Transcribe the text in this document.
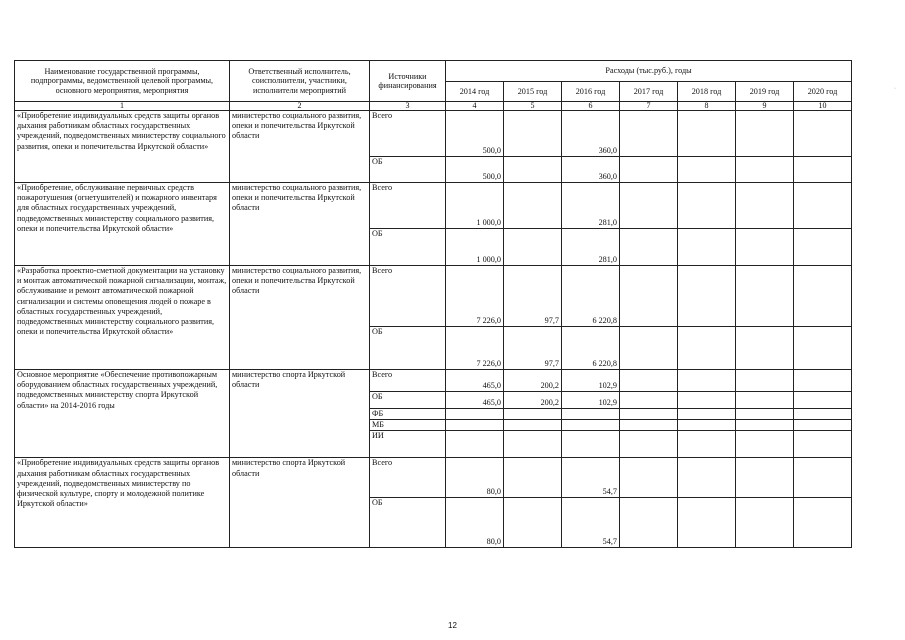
Наименование государственной программы, подпрограммы, ведомственной целевой программы, основного мероприятия, мероприятия	Ответственный исполнитель, соисполнители, участники, исполнители мероприятий	Источники финансирования	Расходы (тыс.руб.), годы						
			2014 год	2015 год	2016 год	2017 год	2018 год	2019 год	2020 год
1	2	3	4	5	6	7	8	9	10
«Приобретение индивидуальных средств защиты органов дыхания работникам областных государственных учреждений, подведомственных министерству социального развития, опеки и попечительства Иркутской области»	министерство социального развития, опеки и попечительства Иркутской области	Всего	500,0		360,0				
		ОБ	500,0		360,0				
«Приобретение, обслуживание первичных средств пожаротушения (огнетушителей) и пожарного инвентаря для областных государственных учреждений, подведомственных министерству социального развития, опеки и попечительства Иркутской области»	министерство социального развития, опеки и попечительства Иркутской области	Всего	1 000,0		281,0				
		ОБ	1 000,0		281,0				
«Разработка проектно-сметной документации на установку и монтаж автоматической пожарной сигнализации, монтаж, обслуживание и ремонт автоматической пожарной сигнализации и системы оповещения людей о пожаре в областных государственных учреждений, подведомственных министерству социального развития, опеки и попечительства Иркутской области»	министерство социального развития, опеки и попечительства Иркутской области	Всего	7 226,0	97,7	6 220,8				
		ОБ	7 226,0	97,7	6 220,8				
Основное мероприятие «Обеспечение противопожарным оборудованием областных государственных учреждений, подведомственных министерству спорта Иркутской области» на 2014-2016 годы	министерство спорта Иркутской области	Всего	465,0	200,2	102,9				
		ОБ	465,0	200,2	102,9				
		ФБ							
		МБ							
		ИИ							
«Приобретение индивидуальных средств защиты органов дыхания работникам областных государственных учреждений, подведомственных министерству по физической культуре, спорту и молодежной политике Иркутской области»	министерство спорта Иркутской области	Всего	80,0		54,7				
		ОБ	80,0		54,7				
·
12
